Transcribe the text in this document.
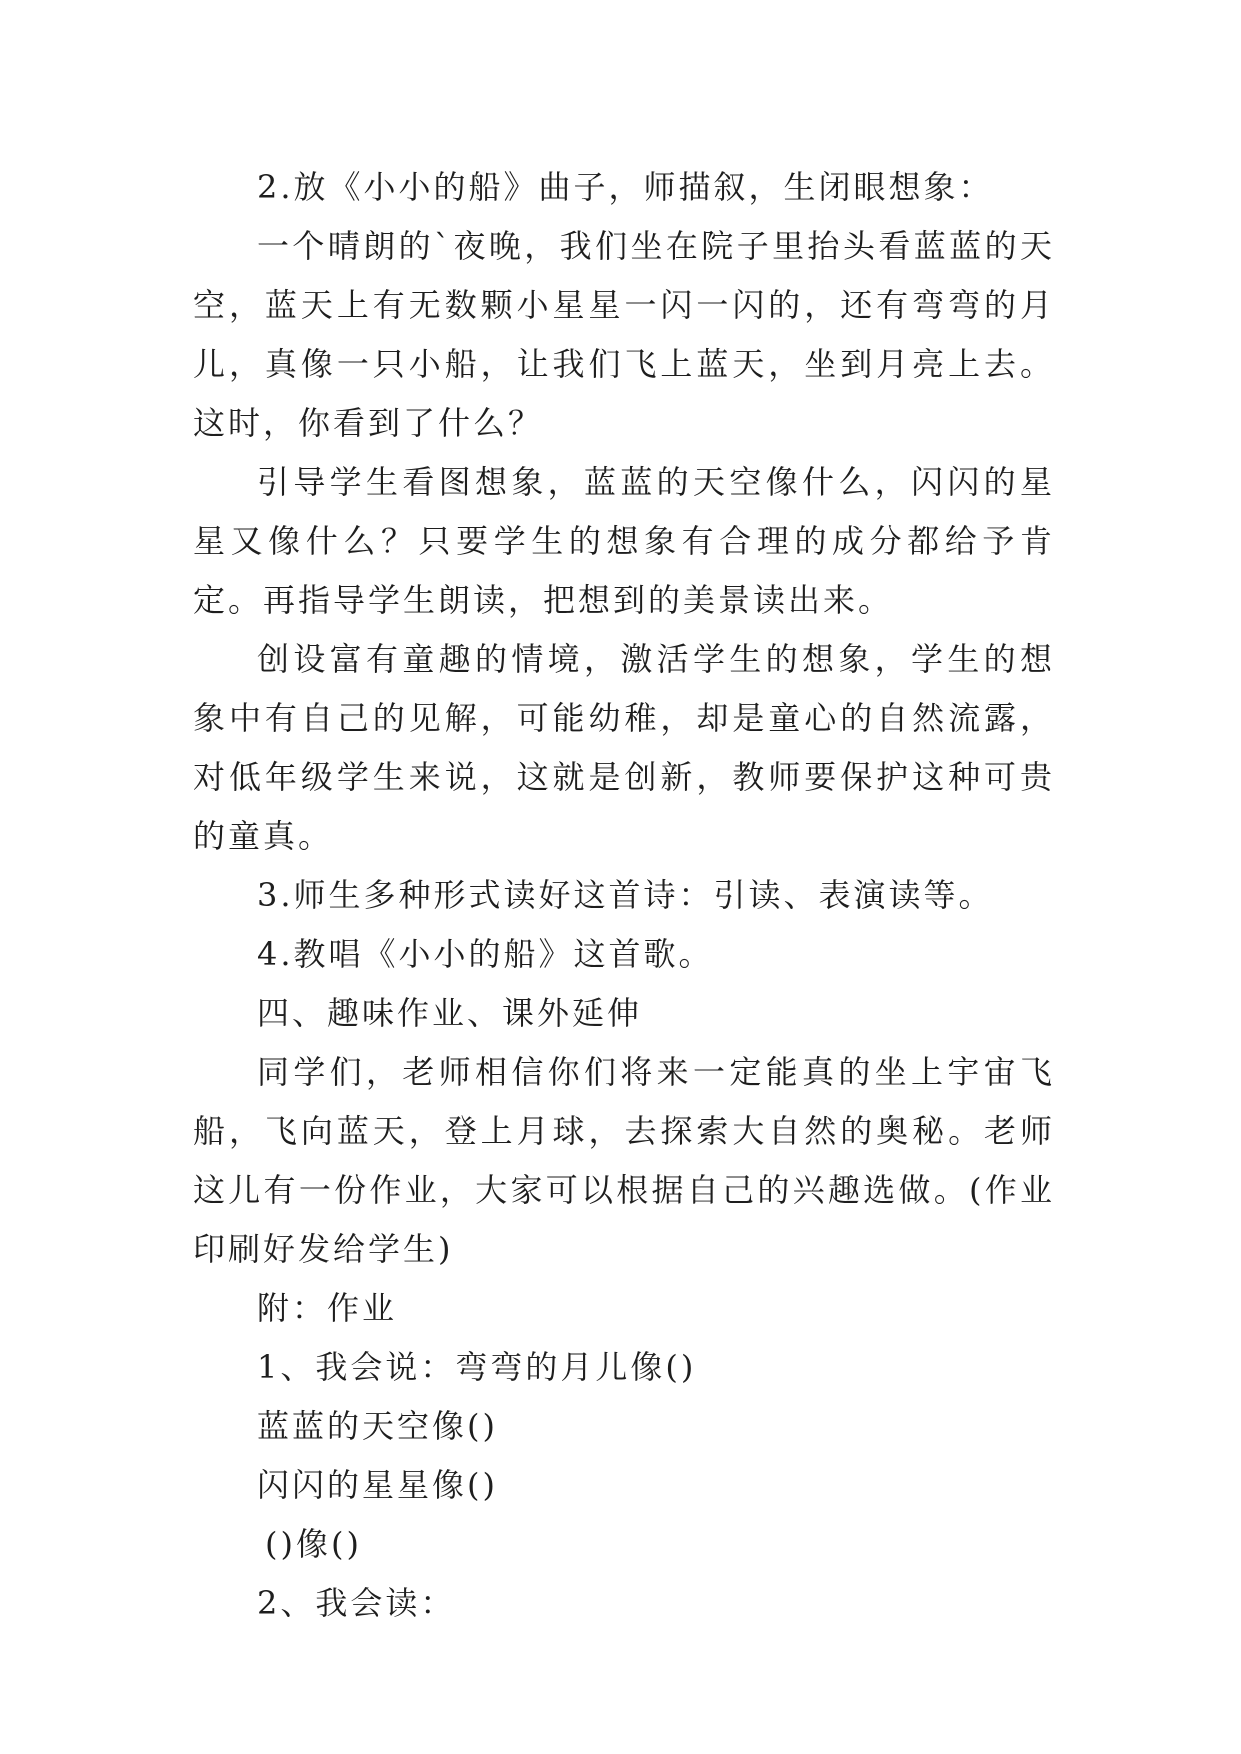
2.放《小小的船》曲子，师描叙，生闭眼想象：

一个晴朗的`夜晚，我们坐在院子里抬头看蓝蓝的天空，蓝天上有无数颗小星星一闪一闪的，还有弯弯的月儿，真像一只小船，让我们飞上蓝天，坐到月亮上去。这时，你看到了什么？

引导学生看图想象，蓝蓝的天空像什么，闪闪的星星又像什么？只要学生的想象有合理的成分都给予肯定。再指导学生朗读，把想到的美景读出来。

创设富有童趣的情境，激活学生的想象，学生的想象中有自己的见解，可能幼稚，却是童心的自然流露，对低年级学生来说，这就是创新，教师要保护这种可贵的童真。

3.师生多种形式读好这首诗：引读、表演读等。

4.教唱《小小的船》这首歌。

四、趣味作业、课外延伸

同学们，老师相信你们将来一定能真的坐上宇宙飞船，飞向蓝天，登上月球，去探索大自然的奥秘。老师这儿有一份作业，大家可以根据自己的兴趣选做。(作业印刷好发给学生)

附：作业

1、我会说：弯弯的月儿像()

蓝蓝的天空像()

闪闪的星星像()

()像()

2、我会读：
